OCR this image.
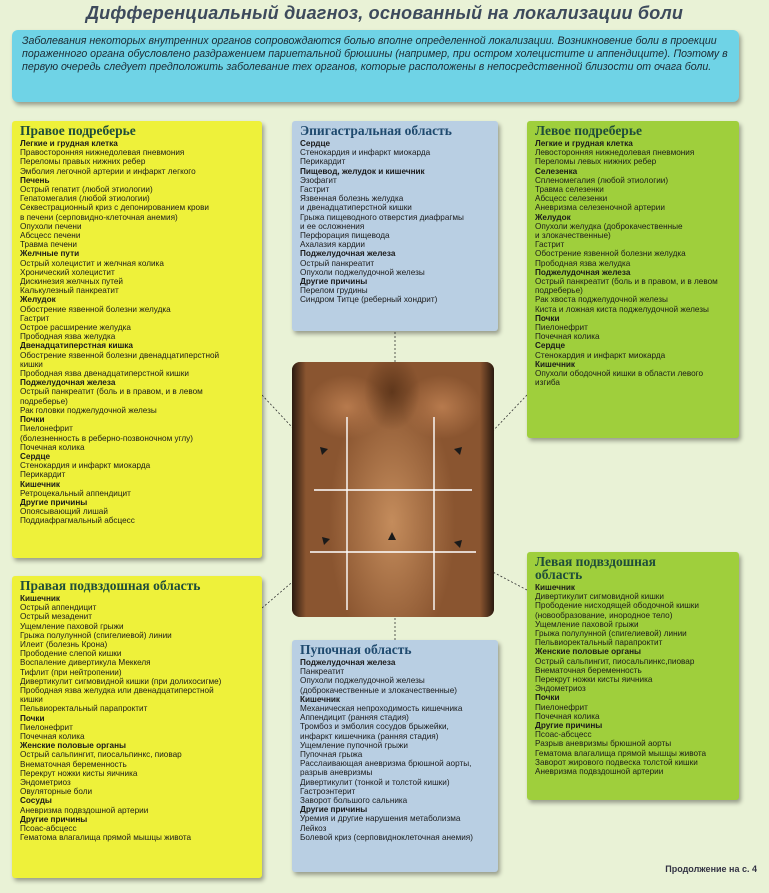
Дифференциальный диагноз, основанный на локализации боли
Заболевания некоторых внутренних органов сопровождаются болью вполне определенной локализации. Возникновение боли в проекции пораженного органа обусловлено раздражением париетальной брюшины (например, при остром холецистите и аппендиците). Поэтому в первую очередь следует предположить заболевание тех органов, которые расположены в непосредственной близости от очага боли.
Правое подреберье
Легкие и грудная клетка
Правосторонняя нижнедолевая пневмония
Переломы правых нижних ребер
Эмболия легочной артерии и инфаркт легкого
Печень
Острый гепатит (любой этиологии)
Гепатомегалия (любой этиологии)
Секвестрационный криз с депонированием крови
в печени (серповидно-клеточная анемия)
Опухоли печени
Абсцесс печени
Травма печени
Желчные пути
Острый холецистит и желчная колика
Хронический холецистит
Дискинезия желчных путей
Калькулезный панкреатит
Желудок
Обострение язвенной болезни желудка
Гастрит
Острое расширение желудка
Прободная язва желудка
Двенадцатиперстная кишка
Обострение язвенной болезни двенадцатиперстной
кишки
Прободная язва двенадцатиперстной кишки
Поджелудочная железа
Острый панкреатит (боль и в правом, и в левом
подреберье)
Рак головки поджелудочной железы
Почки
Пиелонефрит
(болезненность в реберно-позвоночном углу)
Почечная колика
Сердце
Стенокардия и инфаркт миокарда
Перикардит
Кишечник
Ретроцекальный аппендицит
Другие причины
Опоясывающий лишай
Поддиафрагмальный абсцесс
Эпигастральная область
Сердце
Стенокардия и инфаркт миокарда
Перикардит
Пищевод, желудок и кишечник
Эзофагит
Гастрит
Язвенная болезнь желудка
и двенадцатиперстной кишки
Грыжа пищеводного отверстия диафрагмы
и ее осложнения
Перфорация пищевода
Ахалазия кардии
Поджелудочная железа
Острый панкреатит
Опухоли поджелудочной железы
Другие причины
Перелом грудины
Синдром Титце (реберный хондрит)
Левое подреберье
Легкие и грудная клетка
Левосторонняя нижнедолевая пневмония
Переломы левых нижних ребер
Селезенка
Спленомегалия (любой этиологии)
Травма селезенки
Абсцесс селезенки
Аневризма селезеночной артерии
Желудок
Опухоли желудка (доброкачественные
и злокачественные)
Гастрит
Обострение язвенной болезни желудка
Прободная язва желудка
Поджелудочная железа
Острый панкреатит (боль и в правом, и в левом
подреберье)
Рак хвоста поджелудочной железы
Киста и ложная киста поджелудочной железы
Почки
Пиелонефрит
Почечная колика
Сердце
Стенокардия и инфаркт миокарда
Кишечник
Опухоли ободочной кишки в области левого
изгиба
Правая подвздошная область
Кишечник
Острый аппендицит
Острый мезаденит
Ущемление паховой грыжи
Грыжа полулунной (спигелиевой) линии
Илеит (болезнь Крона)
Прободение слепой кишки
Воспаление дивертикула Меккеля
Тифлит (при нейтропении)
Дивертикулит сигмовидной кишки (при долихосигме)
Прободная язва желудка или двенадцатиперстной
кишки
Пельвиоректальный парапроктит
Почки
Пиелонефрит
Почечная колика
Женские половые органы
Острый сальпингит, пиосальпинкс, пиовар
Внематочная беременность
Перекрут ножки кисты яичника
Эндометриоз
Овуляторные боли
Сосуды
Аневризма подвздошной артерии
Другие причины
Псоас-абсцесс
Гематома влагалища прямой мышцы живота
Пупочная область
Поджелудочная железа
Панкреатит
Опухоли поджелудочной железы
(доброкачественные и злокачественные)
Кишечник
Механическая непроходимость кишечника
Аппендицит (ранняя стадия)
Тромбоз и эмболия сосудов брыжейки,
инфаркт кишечника (ранняя стадия)
Ущемление пупочной грыжи
Пупочная грыжа
Расслаивающая аневризма брюшной аорты,
разрыв аневризмы
Дивертикулит (тонкой и толстой кишки)
Гастроэнтерит
Заворот большого сальника
Другие причины
Уремия и другие нарушения метаболизма
Лейкоз
Болевой криз (серповидноклеточная анемия)
Левая подвздошная область
Кишечник
Дивертикулит сигмовидной кишки
Прободение нисходящей ободочной кишки
(новообразование, инородное тело)
Ущемление паховой грыжи
Грыжа полулунной (спигелиевой) линии
Пельвиоректальный парапроктит
Женские половые органы
Острый сальпингит, пиосальпинкс,пиовар
Внематочная беременность
Перекрут ножки кисты яичника
Эндометриоз
Почки
Пиелонефрит
Почечная колика
Другие причины
Псоас-абсцесс
Разрыв аневризмы брюшной аорты
Гематома влагалища прямой мышцы живота
Заворот жирового подвеска толстой кишки
Аневризма подвздошной артерии
Продолжение на с. 4
